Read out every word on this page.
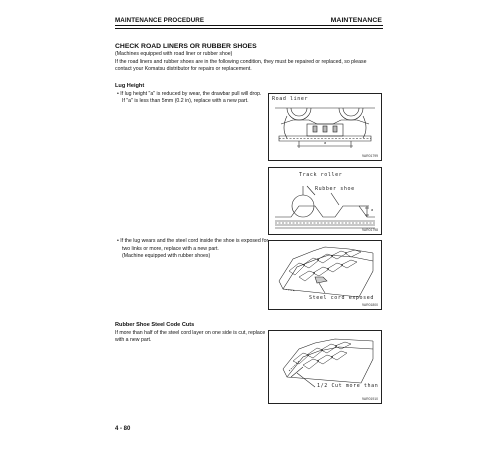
MAINTENANCE PROCEDURE	MAINTENANCE
CHECK ROAD LINERS OR RUBBER SHOES
(Machines equipped with road liner or rubber shoe)
If the road liners and rubber shoes are in the following condition, they must be repaired or replaced, so please
contact your Komatsu distributor for repairs or replacement.
Lug Height
• If lug height "a" is reduced by wear, the drawbar pull will drop.
If "a" is less than 5mm (0.2 in), replace with a new part.
• If the lug wears and the steel cord inside the shoe is exposed for
two links or more, replace with a new part.
(Machine equipped with rubber shoes)
Rubber Shoe Steel Code Cuts
If more than half of the steel cord layer on one side is cut, replace
with a new part.
Road liner
a
9AR01799
Track roller
Rubber shoe
a
9AR01798
Steel cord exposed
9AR01800
1/2 Cut more than
9AR01910
4 - 80
